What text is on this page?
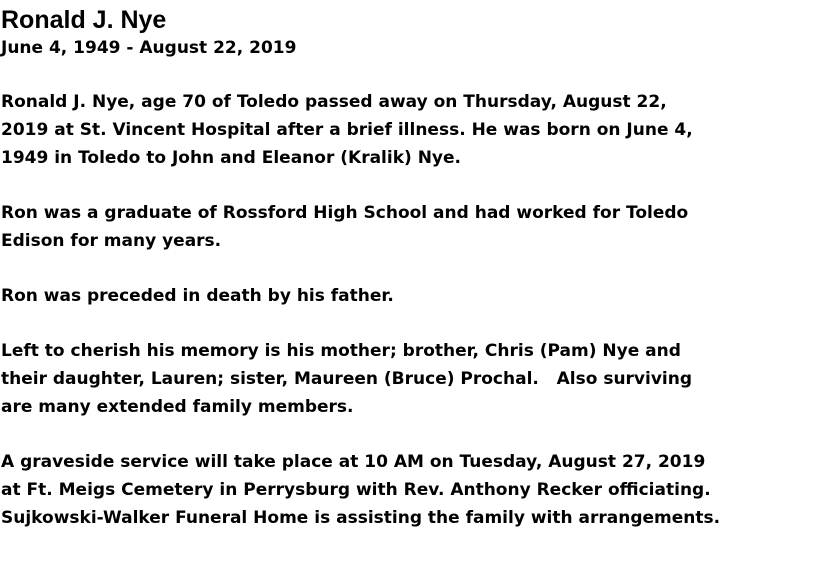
Ronald J. Nye
June 4, 1949 - August 22, 2019

Ronald J. Nye, age 70 of Toledo passed away on Thursday, August 22,
2019 at St. Vincent Hospital after a brief illness. He was born on June 4,
1949 in Toledo to John and Eleanor (Kralik) Nye.

Ron was a graduate of Rossford High School and had worked for Toledo
Edison for many years.

Ron was preceded in death by his father.

Left to cherish his memory is his mother; brother, Chris (Pam) Nye and
their daughter, Lauren; sister, Maureen (Bruce) Prochal.   Also surviving
are many extended family members.

A graveside service will take place at 10 AM on Tuesday, August 27, 2019
at Ft. Meigs Cemetery in Perrysburg with Rev. Anthony Recker officiating.
Sujkowski-Walker Funeral Home is assisting the family with arrangements.
